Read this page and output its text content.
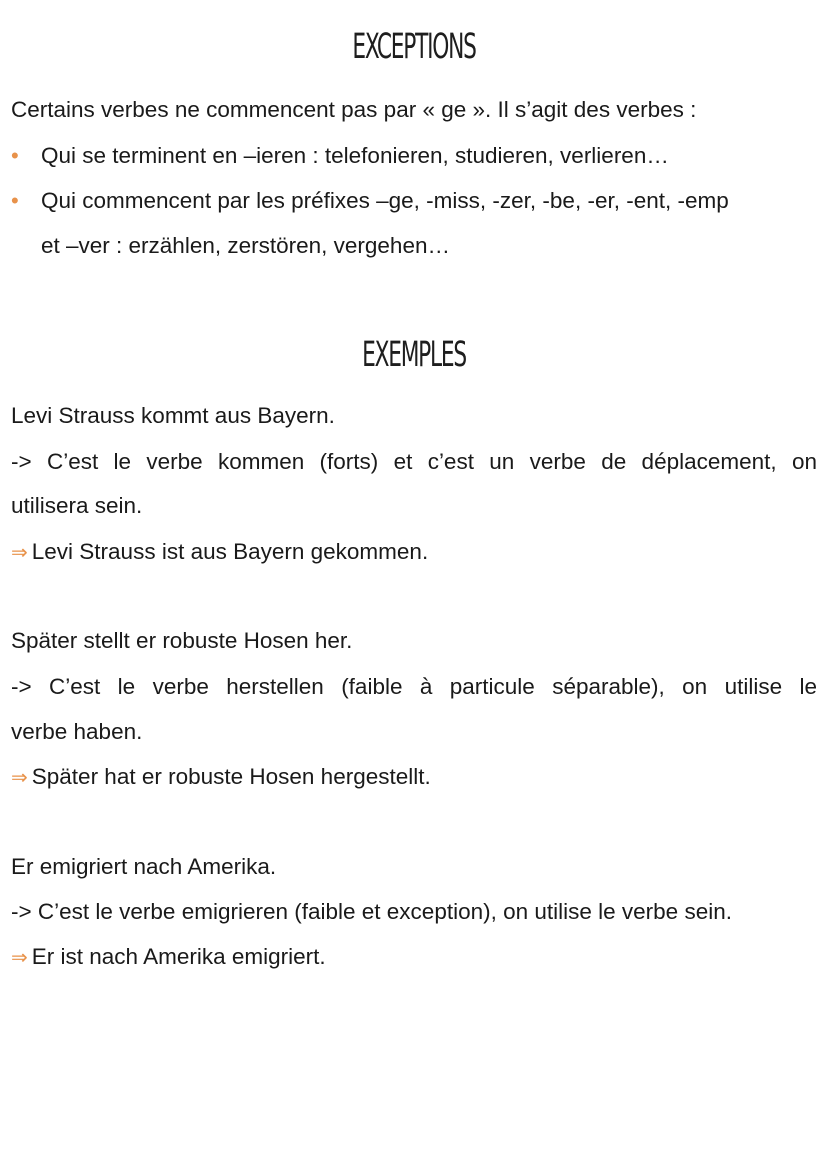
EXCEPTIONS

Certains verbes ne commencent pas par « ge ». Il s’agit des verbes :

• Qui se terminent en –ieren : telefonieren, studieren, verlieren…
• Qui commencent par les préfixes –ge, -miss, -zer, -be, -er, -ent, -emp
et –ver : erzählen, zerstören, vergehen…
EXEMPLES

Levi Strauss kommt aus Bayern.

-> C’est le verbe kommen (forts) et c’est un verbe de déplacement, on

utilisera sein.

⇒ Levi Strauss ist aus Bayern gekommen.

Später stellt er robuste Hosen her.

-> C’est le verbe herstellen (faible à particule séparable), on utilise le

verbe haben.

⇒ Später hat er robuste Hosen hergestellt.

Er emigriert nach Amerika.

-> C’est le verbe emigrieren (faible et exception), on utilise le verbe sein.

⇒ Er ist nach Amerika emigriert.
